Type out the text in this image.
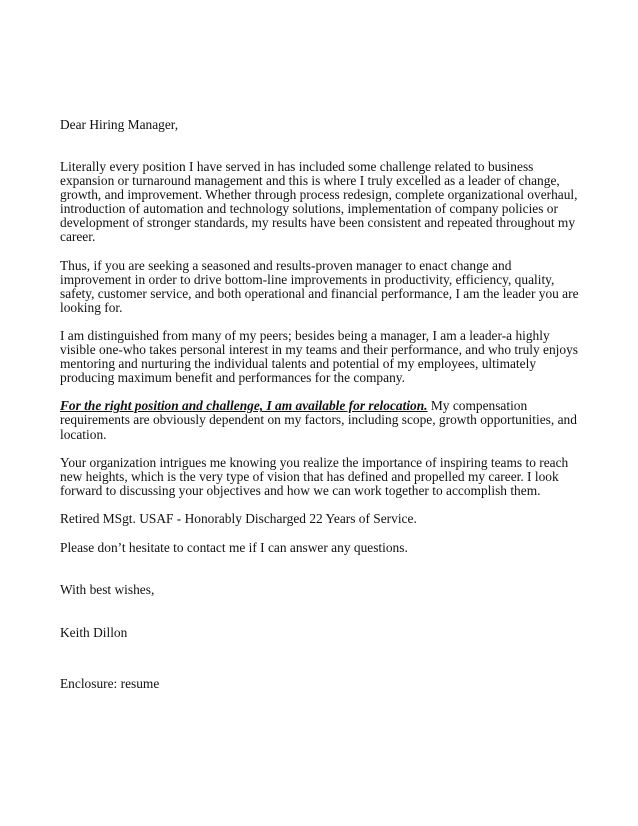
Dear Hiring Manager,

Literally every position I have served in has included some challenge related to business expansion or turnaround management and this is where I truly excelled as a leader of change, growth, and improvement. Whether through process redesign, complete organizational overhaul, introduction of automation and technology solutions, implementation of company policies or development of stronger standards, my results have been consistent and repeated throughout my career.

Thus, if you are seeking a seasoned and results-proven manager to enact change and improvement in order to drive bottom-line improvements in productivity, efficiency, quality, safety, customer service, and both operational and financial performance, I am the leader you are looking for.

I am distinguished from many of my peers; besides being a manager, I am a leader-a highly visible one-who takes personal interest in my teams and their performance, and who truly enjoys mentoring and nurturing the individual talents and potential of my employees, ultimately producing maximum benefit and performances for the company.

For the right position and challenge, I am available for relocation. My compensation requirements are obviously dependent on my factors, including scope, growth opportunities, and location.

Your organization intrigues me knowing you realize the importance of inspiring teams to reach new heights, which is the very type of vision that has defined and propelled my career. I look forward to discussing your objectives and how we can work together to accomplish them.

Retired MSgt. USAF - Honorably Discharged 22 Years of Service.

Please don’t hesitate to contact me if I can answer any questions.

With best wishes,

Keith Dillon

Enclosure: resume
